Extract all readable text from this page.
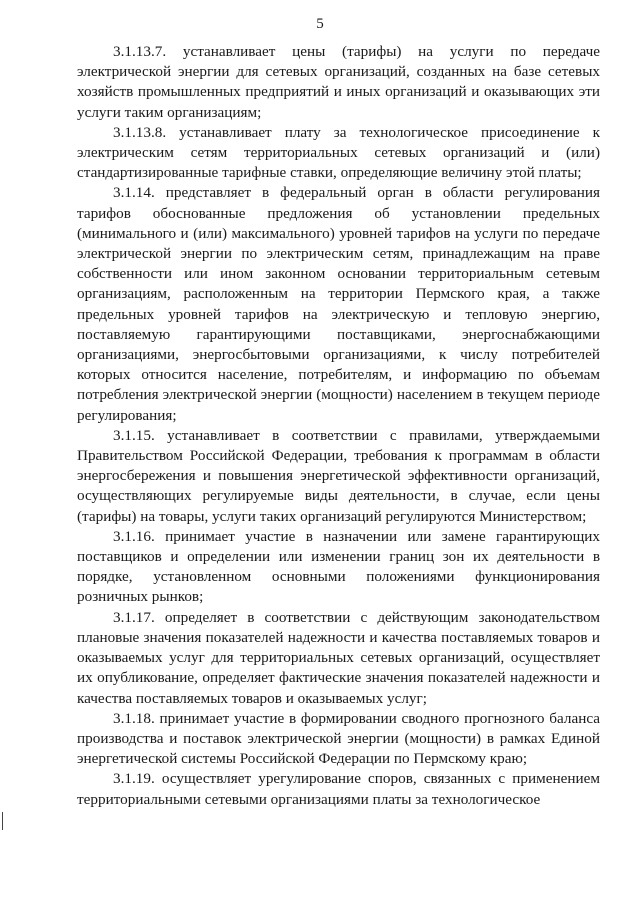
5

3.1.13.7. устанавливает цены (тарифы) на услуги по передаче электрической энергии для сетевых организаций, созданных на базе сетевых хозяйств промышленных предприятий и иных организаций и оказывающих эти услуги таким организациям;

3.1.13.8. устанавливает плату за технологическое присоединение к электрическим сетям территориальных сетевых организаций и (или) стандартизированные тарифные ставки, определяющие величину этой платы;

3.1.14. представляет в федеральный орган в области регулирования тарифов обоснованные предложения об установлении предельных (минимального и (или) максимального) уровней тарифов на услуги по передаче электрической энергии по электрическим сетям, принадлежащим на праве собственности или ином законном основании территориальным сетевым организациям, расположенным на территории Пермского края, а также предельных уровней тарифов на электрическую и тепловую энергию, поставляемую гарантирующими поставщиками, энергоснабжающими организациями, энергосбытовыми организациями, к числу потребителей которых относится население, потребителям, и информацию по объемам потребления электрической энергии (мощности) населением в текущем периоде регулирования;

3.1.15. устанавливает в соответствии с правилами, утверждаемыми Правительством Российской Федерации, требования к программам в области энергосбережения и повышения энергетической эффективности организаций, осуществляющих регулируемые виды деятельности, в случае, если цены (тарифы) на товары, услуги таких организаций регулируются Министерством;

3.1.16. принимает участие в назначении или замене гарантирующих поставщиков и определении или изменении границ зон их деятельности в порядке, установленном основными положениями функционирования розничных рынков;

3.1.17. определяет в соответствии с действующим законодательством плановые значения показателей надежности и качества поставляемых товаров и оказываемых услуг для территориальных сетевых организаций, осуществляет их опубликование, определяет фактические значения показателей надежности и качества поставляемых товаров и оказываемых услуг;

3.1.18. принимает участие в формировании сводного прогнозного баланса производства и поставок электрической энергии (мощности) в рамках Единой энергетической системы Российской Федерации по Пермскому краю;

3.1.19. осуществляет урегулирование споров, связанных с применением территориальными сетевыми организациями платы за технологическое
